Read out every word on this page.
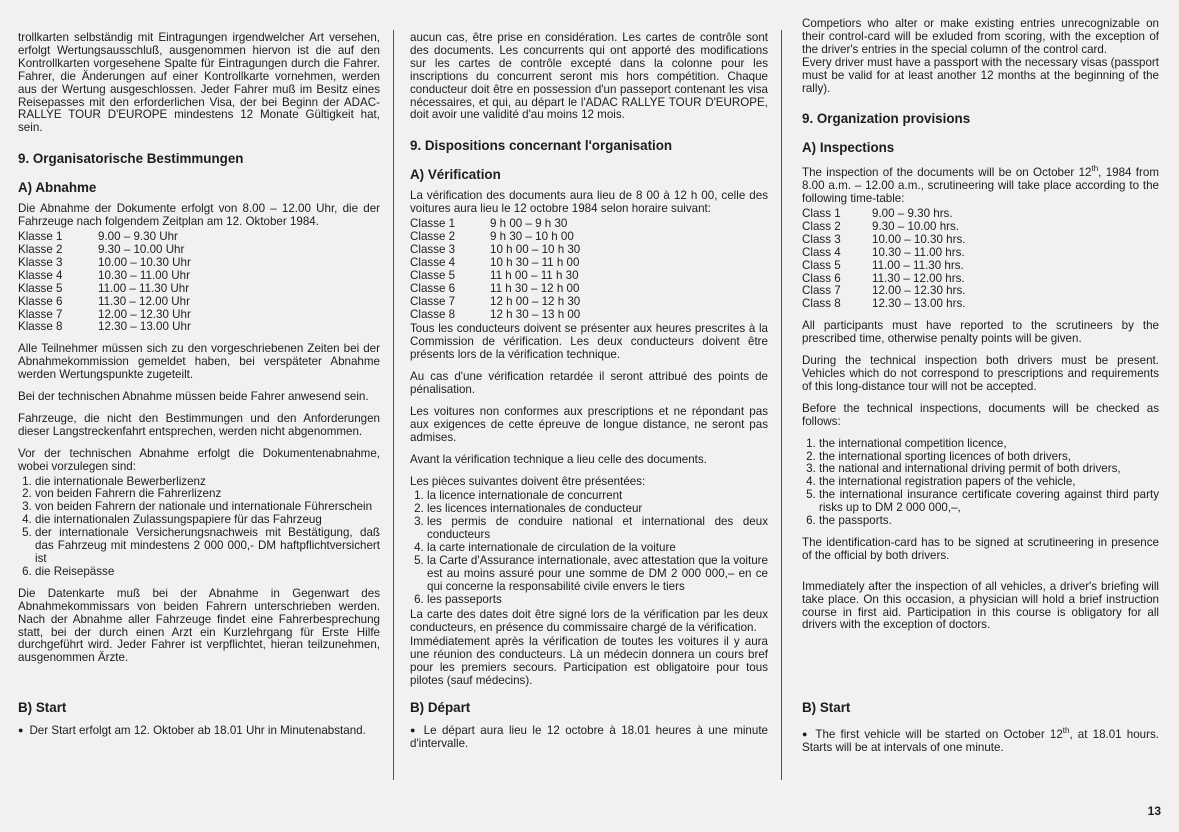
trollkarten selbständig mit Eintragungen irgendwelcher Art versehen, erfolgt Wertungsausschluß, ausgenommen hiervon ist die auf den Kontrollkarten vorgesehene Spalte für Eintragungen durch die Fahrer. Fahrer, die Änderungen auf einer Kontrollkarte vornehmen, werden aus der Wertung ausgeschlossen. Jeder Fahrer muß im Besitz eines Reisepasses mit den erforderlichen Visa, der bei Beginn der ADAC-RALLYE TOUR D'EUROPE mindestens 12 Monate Gültigkeit hat, sein.

9. Organisatorische Bestimmungen
A) Abnahme

Die Abnahme der Dokumente erfolgt von 8.00 – 12.00 Uhr, die der Fahrzeuge nach folgendem Zeitplan am 12. Oktober 1984.

Klasse 1	9.00 – 9.30 Uhr
Klasse 2	9.30 – 10.00 Uhr
Klasse 3	10.00 – 10.30 Uhr
Klasse 4	10.30 – 11.00 Uhr
Klasse 5	11.00 – 11.30 Uhr
Klasse 6	11.30 – 12.00 Uhr
Klasse 7	12.00 – 12.30 Uhr
Klasse 8	12.30 – 13.00 Uhr

Alle Teilnehmer müssen sich zu den vorgeschriebenen Zeiten bei der Abnahmekommission gemeldet haben, bei verspäteter Abnahme werden Wertungspunkte zugeteilt.

Bei der technischen Abnahme müssen beide Fahrer anwesend sein.

Fahrzeuge, die nicht den Bestimmungen und den Anforderungen dieser Langstreckenfahrt entsprechen, werden nicht abgenommen.

Vor der technischen Abnahme erfolgt die Dokumentenabnahme, wobei vorzulegen sind:

1. die internationale Bewerberlizenz
2. von beiden Fahrern die Fahrerlizenz
3. von beiden Fahrern der nationale und internationale Führerschein
4. die internationalen Zulassungspapiere für das Fahrzeug
5. der internationale Versicherungsnachweis mit Bestätigung, daß das Fahrzeug mit mindestens 2 000 000,- DM haftpflichtversichert ist
6. die Reisepässe

Die Datenkarte muß bei der Abnahme in Gegenwart des Abnahmekommissars von beiden Fahrern unterschrieben werden. Nach der Abnahme aller Fahrzeuge findet eine Fahrerbesprechung statt, bei der durch einen Arzt ein Kurzlehrgang für Erste Hilfe durchgeführt wird. Jeder Fahrer ist verpflichtet, hieran teilzunehmen, ausgenommen Ärzte.

B) Start

● Der Start erfolgt am 12. Oktober ab 18.01 Uhr in Minutenabstand.

aucun cas, être prise en considération. Les cartes de contrôle sont des documents. Les concurrents qui ont apporté des modifications sur les cartes de contrôle excepté dans la colonne pour les inscriptions du concurrent seront mis hors compétition. Chaque conducteur doit être en possession d'un passeport contenant les visa nécessaires, et qui, au départ le l'ADAC RALLYE TOUR D'EUROPE, doit avoir une validité d'au moins 12 mois.

9. Dispositions concernant l'organisation
A) Vérification

La vérification des documents aura lieu de 8 00 à 12 h 00, celle des voitures aura lieu le 12 octobre 1984 selon horaire suivant:

Classe 1	9 h 00 – 9 h 30
Classe 2	9 h 30 – 10 h 00
Classe 3	10 h 00 – 10 h 30
Classe 4	10 h 30 – 11 h 00
Classe 5	11 h 00 – 11 h 30
Classe 6	11 h 30 – 12 h 00
Classe 7	12 h 00 – 12 h 30
Classe 8	12 h 30 – 13 h 00

Tous les conducteurs doivent se présenter aux heures prescrites à la Commission de vérification. Les deux conducteurs doivent être présents lors de la vérification technique.

Au cas d'une vérification retardée il seront attribué des points de pénalisation.

Les voitures non conformes aux prescriptions et ne répondant pas aux exigences de cette épreuve de longue distance, ne seront pas admises.

Avant la vérification technique a lieu celle des documents.

Les pièces suivantes doivent être présentées:

1. la licence internationale de concurrent
2. les licences internationales de conducteur
3. les permis de conduire national et international des deux conducteurs
4. la carte internationale de circulation de la voiture
5. la Carte d'Assurance internationale, avec attestation que la voiture est au moins assuré pour une somme de DM 2 000 000,– en ce qui concerne la responsabilité civile envers le tiers
6. les passeports

La carte des dates doit être signé lors de la vérification par les deux conducteurs, en présence du commissaire chargé de la vérification.

Immédiatement après la vérification de toutes les voitures il y aura une réunion des conducteurs. Là un médecin donnera un cours bref pour les premiers secours. Participation est obligatoire pour tous pilotes (sauf médecins).

B) Départ

● Le départ aura lieu le 12 octobre à 18.01 heures à une minute d'intervalle.

Competiors who alter or make existing entries unrecognizable on their control-card will be exluded from scoring, with the exception of the driver's entries in the special column of the control card.

Every driver must have a passport with the necessary visas (passport must be valid for at least another 12 months at the beginning of the rally).

9. Organization provisions
A) Inspections

The inspection of the documents will be on October 12th, 1984 from 8.00 a.m. – 12.00 a.m., scrutineering will take place according to the following time-table:

Class 1	9.00 – 9.30 hrs.
Class 2	9.30 – 10.00 hrs.
Class 3	10.00 – 10.30 hrs.
Class 4	10.30 – 11.00 hrs.
Class 5	11.00 – 11.30 hrs.
Class 6	11.30 – 12.00 hrs.
Class 7	12.00 – 12.30 hrs.
Class 8	12.30 – 13.00 hrs.

All participants must have reported to the scrutineers by the prescribed time, otherwise penalty points will be given.

During the technical inspection both drivers must be present. Vehicles which do not correspond to prescriptions and requirements of this long-distance tour will not be accepted.

Before the technical inspections, documents will be checked as follows:

1. the international competition licence,
2. the international sporting licences of both drivers,
3. the national and international driving permit of both drivers,
4. the international registration papers of the vehicle,
5. the international insurance certificate covering against third party risks up to DM 2 000 000,–,
6. the passports.

The identification-card has to be signed at scrutineering in presence of the official by both drivers.

Immediately after the inspection of all vehicles, a driver's briefing will take place. On this occasion, a physician will hold a brief instruction course in first aid. Participation in this course is obligatory for all drivers with the exception of doctors.

B) Start

● The first vehicle will be started on October 12th, at 18.01 hours. Starts will be at intervals of one minute.

13
